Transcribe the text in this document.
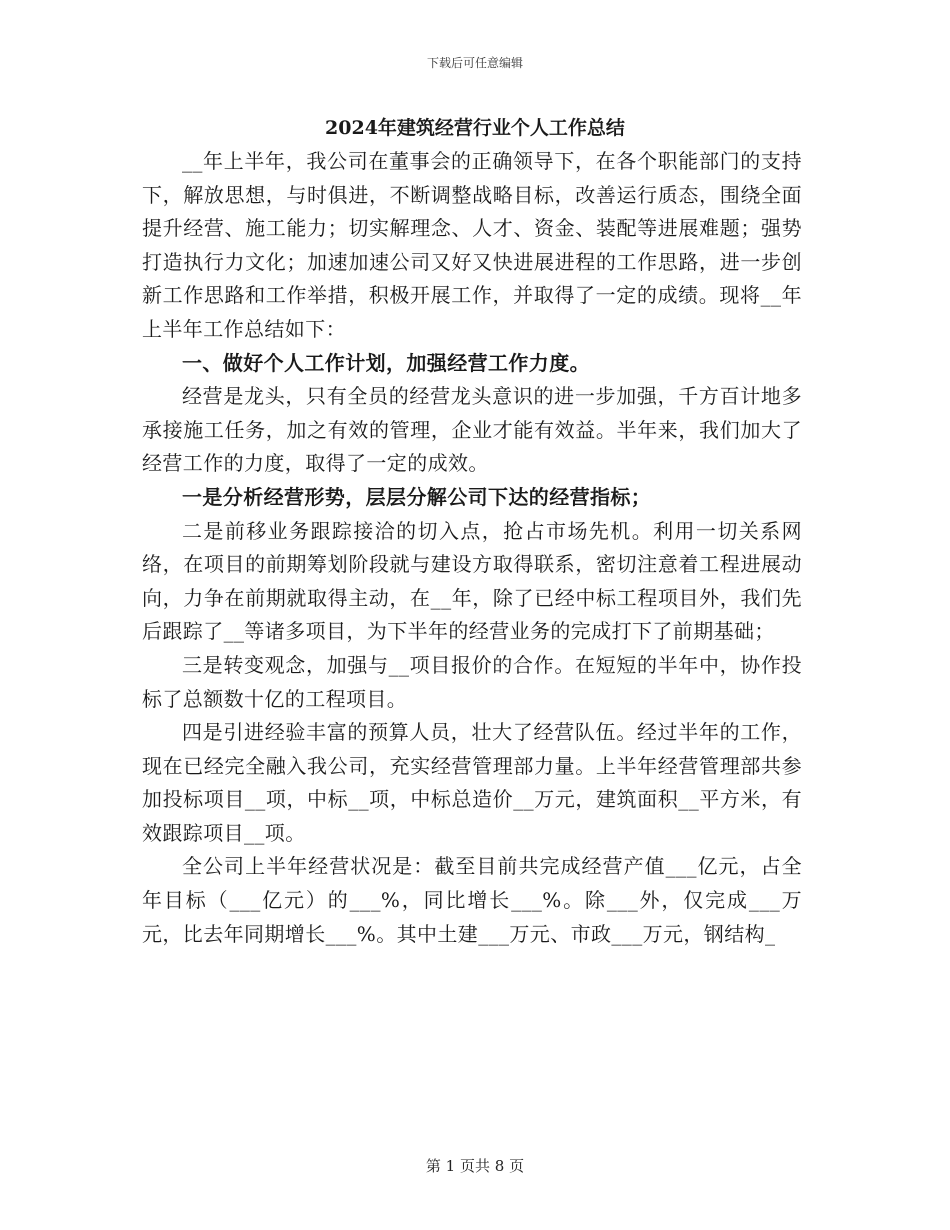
下载后可任意编辑
2024年建筑经营行业个人工作总结

__年上半年，我公司在董事会的正确领导下，在各个职能部门的支持下，解放思想，与时俱进，不断调整战略目标，改善运行质态，围绕全面提升经营、施工能力；切实解理念、人才、资金、装配等进展难题；强势打造执行力文化；加速加速公司又好又快进展进程的工作思路，进一步创新工作思路和工作举措，积极开展工作，并取得了一定的成绩。现将__年上半年工作总结如下：

一、做好个人工作计划，加强经营工作力度。

经营是龙头，只有全员的经营龙头意识的进一步加强，千方百计地多承接施工任务，加之有效的管理，企业才能有效益。半年来，我们加大了经营工作的力度，取得了一定的成效。

一是分析经营形势，层层分解公司下达的经营指标；

二是前移业务跟踪接洽的切入点，抢占市场先机。利用一切关系网络，在项目的前期筹划阶段就与建设方取得联系，密切注意着工程进展动向，力争在前期就取得主动，在__年，除了已经中标工程项目外，我们先后跟踪了__等诸多项目，为下半年的经营业务的完成打下了前期基础；

三是转变观念，加强与__项目报价的合作。在短短的半年中，协作投标了总额数十亿的工程项目。

四是引进经验丰富的预算人员，壮大了经营队伍。经过半年的工作，现在已经完全融入我公司，充实经营管理部力量。上半年经营管理部共参加投标项目__项，中标__项，中标总造价__万元，建筑面积__平方米，有效跟踪项目__项。

全公司上半年经营状况是：截至目前共完成经营产值___亿元，占全年目标（___亿元）的___%，同比增长___%。除___外，仅完成___万元，比去年同期增长___%。其中土建___万元、市政___万元，钢结构_

第 1 页共 8 页
